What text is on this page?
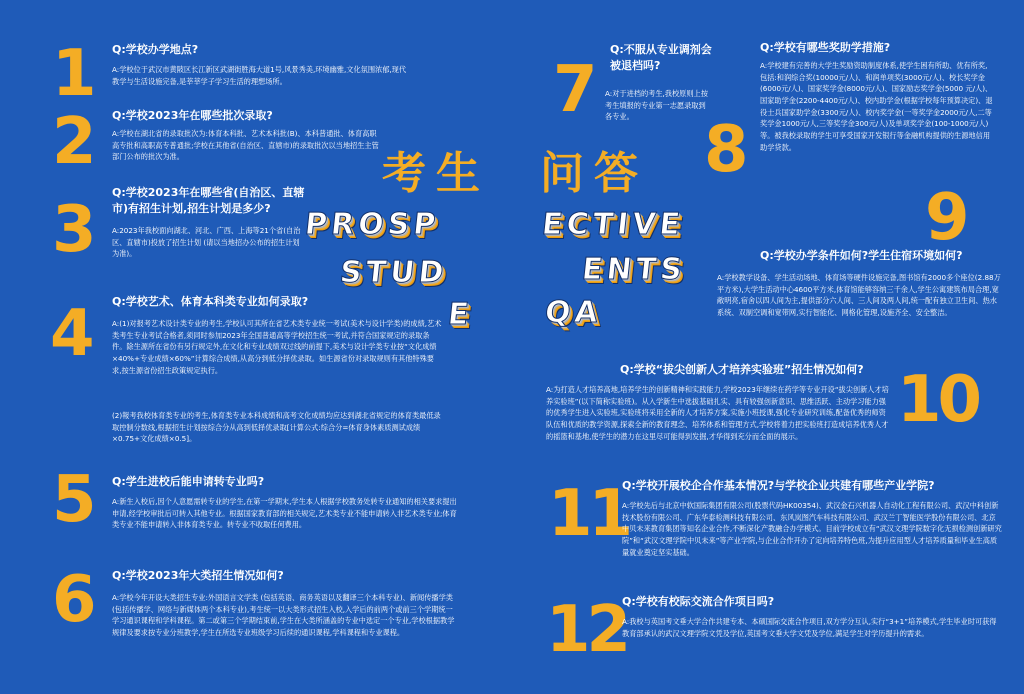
1
2
3
4
5
6
Q:学校办学地点?
A:学校位于武汉市黄陂区长江新区武湖街胜海大道1号,风景秀美,环境幽雅,文化氛围浓郁,现代教学与生活设施完备,是莘莘学子学习生活的理想场所。
Q:学校2023年在哪些批次录取?
A:学校在湖北省的录取批次为:体育本科批、艺术本科批(B)、本科普通批、体育高职高专批和高职高专普通批;学校在其他省(自治区、直辖市)的录取批次以当地招生主管部门公布的批次为准。
Q:学校2023年在哪些省(自治区、直辖市)有招生计划,招生计划是多少?
A:2023年我校面向湖北、河北、广西、上海等21个省(自治区、直辖市)投放了招生计划 (请以当地招办公布的招生计划为准)。
Q:学校艺术、体育本科类专业如何录取?
A:(1)对报考艺术设计类专业的考生,学校认可其所在省艺术类专业统一考试(美术与设计学类)的成绩,艺术类考生专业考试合格者,须同时参加2023年全国普通高等学校招生统一考试,并符合国家规定的录取条件。除生源所在省份有另行规定外,在文化和专业成绩双过线的前提下,美术与设计学类专业按“文化成绩×40%+专业成绩×60%”计算综合成绩,从高分到低分择优录取。如生源省份对录取规则有其他特殊要求,按生源省份招生政策规定执行。
(2)報考我校体育类专业的考生,体育类专业本科成绩和高考文化成绩均应达到湖北省规定的体育类最低录取控制分数线,根据招生计划按综合分从高到低择优录取[计算公式:综合分=体育身体素质测试成绩×0.75+文化成绩×0.5]。
Q:学生进校后能申请转专业吗?
A:新生入校后,因个人意愿需转专业的学生,在第一学期末,学生本人根据学校教务处转专业通知的相关要求提出申请,经学校审批后可转入其他专业。根据国家教育部的相关规定,艺术类专业不能申请转入非艺术类专业;体育类专业不能申请转入非体育类专业。转专业不收取任何费用。
Q:学校2023年大类招生情况如何?
A:学校今年开设大类招生专业:外国语言文学类 (包括英语、商务英语以及翻译三个本科专业)、新闻传播学类(包括传播学、网络与新媒体两个本科专业),考生统一以大类形式招生入校,入学后的前两个或前三个学期统一学习通识课程和学科课程。第二或第三个学期结束前,学生在大类所涵盖的专业中选定一个专业,学校根据教学规律及要求按专业分班教学,学生在所选专业班级学习后续的通识课程,学科课程和专业课程。
考生 问答
PROSP
STUD
E
ECTIVE
ENTS
QA
7
8
9
10
11
12
Q:不服从专业调剂会被退档吗?
A:对于进档的考生,我校原则上按考生填报的专业第一志愿录取到各专业。
Q:学校有哪些奖助学措施?
A:学校建有完善的大学生奖励资助制度体系,使学生困有所助、优有所奖,包括:和润综合奖(10000元/人)、和润单项奖(3000元/人)、校长奖学金(6000元/人)、国家奖学金(8000元/人)、国家励志奖学金(5000 元/人)、国家助学金(2200-4400元/人)、校内助学金(根据学校每年预算决定)、退役士兵国家助学金(3300元/人)、校内奖学金(一等奖学金2000元/人,二等奖学金1000元/人,三等奖学金300元/人)及单项奖学金(100-1000元/人)等。被我校录取的学生可享受国家开发银行等金融机构提供的生源地信用助学贷款。
Q:学校办学条件如何?学生住宿环境如何?
A:学校教学设备、学生活动场地、体育场等硬件设施完备,图书馆有2000多个座位(2.88万平方米),大学生活动中心4600平方米,体育馆能够容纳三千余人,学生公寓建筑布局合理,宽敞明亮,宿舍以四人间为主,提供部分六人间、三人间及两人间,统一配有独立卫生间、热水系统、双制空调和宽带网,实行智能化、网格化管理,设施齐全、安全整洁。
Q:学校“拔尖创新人才培养实验班”招生情况如何?
A:为打造人才培养高地,培养学生的创新精神和实践能力,学校2023年继续在药学等专业开设“拔尖创新人才培养实验班”(以下简称实验班)。从入学新生中选拔基础扎实、具有较强创新意识、思维活跃、主动学习能力强的优秀学生进入实验班,实验班将采用全新的人才培养方案,实施小班授课,强化专业研究训练,配备优秀的师资队伍和优质的教学资源,探索全新的教育理念、培养体系和管理方式,学校将着力把实验班打造成培养优秀人才的摇篮和基地,使学生的潜力在这里尽可能得到发掘,才华得到充分而全面的展示。
Q:学校开展校企合作基本情况?与学校企业共建有哪些产业学院?
A:学校先后与北京中软国际集团有限公司(股票代码HK00354)、武汉金石兴机器人自动化工程有限公司、武汉中科创新技术股份有限公司、广东华泰检测科技有限公司、东风岚图汽车科技有限公司、武汉兰丁智能医学股份有限公司、北京中贝未来教育集团等知名企业合作,不断深化产教融合办学模式。目前学校成立有“武汉文理学院数字化无损检测创新研究院”和“武汉文理学院中贝未来”等产业学院,与企业合作开办了定向培养特色班,为提升应用型人才培养质量和毕业生高质量就业奠定坚实基础。
Q:学校有校际交流合作项目吗?
A:我校与英国考文垂大学合作共建专本、本硕国际交流合作项目,双方学分互认,实行“3+1”培养模式,学生毕业时可获得教育部承认的武汉文理学院文凭及学位,英国考文垂大学文凭及学位,满足学生对学历提升的需求。
